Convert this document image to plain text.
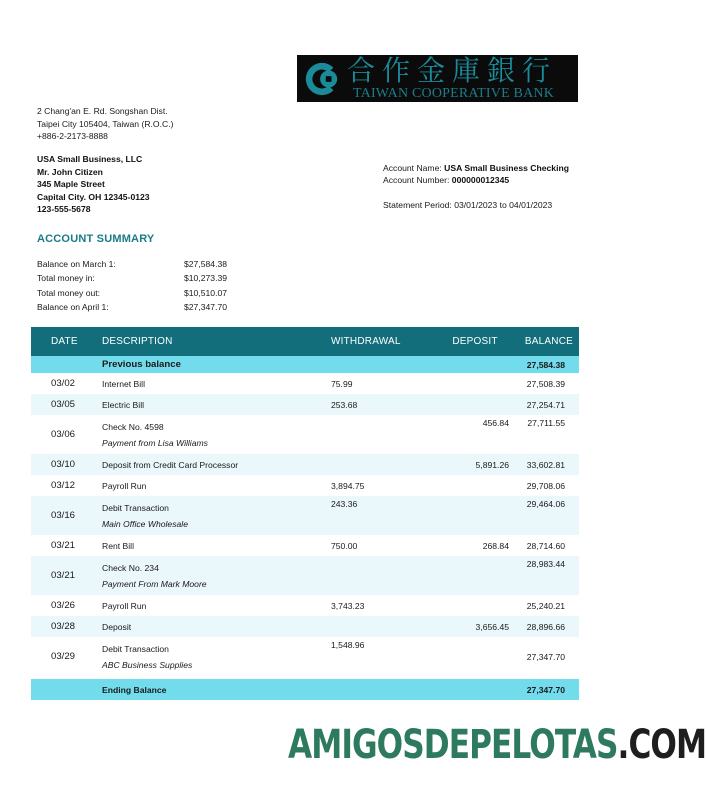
合作金庫銀行
TAIWAN COOPERATIVE BANK
2 Chang'an E. Rd. Songshan Dist.
Taipei City 105404, Taiwan (R.O.C.)
+886-2-2173-8888
USA Small Business, LLC
Mr. John Citizen
345 Maple Street
Capital City. OH 12345-0123
123-555-5678
Account Name: USA Small Business Checking
Account Number: 000000012345
Statement Period: 03/01/2023 to 04/01/2023
ACCOUNT SUMMARY
Balance on March 1:	$27,584.38
Total money in:	$10,273.39
Total money out:	$10,510.07
Balance on April 1:	$27,347.70
DATE	DESCRIPTION	WITHDRAWAL	DEPOSIT	BALANCE
	Previous balance			27,584.38
03/02	Internet Bill	75.99		27,508.39
03/05	Electric Bill	253.68		27,254.71
03/06	Check No. 4598
Payment from Lisa Williams		456.84	27,711.55
03/10	Deposit from Credit Card Processor		5,891.26	33,602.81
03/12	Payroll Run	3,894.75		29,708.06
03/16	Debit Transaction
Main Office Wholesale	243.36		29,464.06
03/21	Rent Bill	750.00	268.84	28,714.60
03/21	Check No. 234
Payment From Mark Moore			28,983.44
03/26	Payroll Run	3,743.23		25,240.21
03/28	Deposit		3,656.45	28,896.66
03/29	Debit Transaction
ABC Business Supplies	1,548.96		27,347.70

	Ending Balance			27,347.70
AMIGOSDEPELOTAS.COM
